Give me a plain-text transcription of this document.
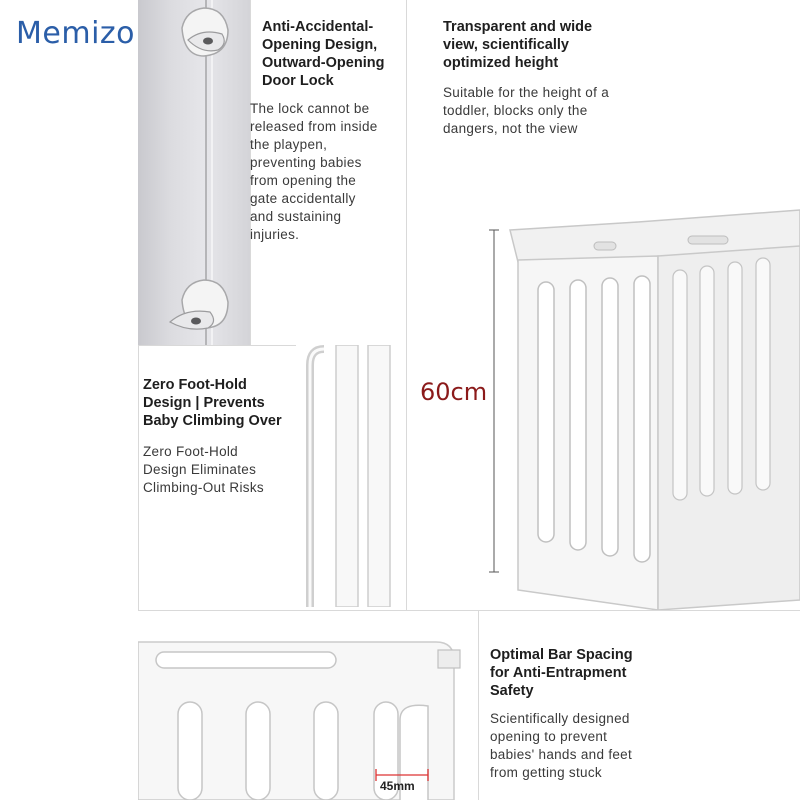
Memizo	Anti-Accidental-
Opening Design,
Outward-Opening
Door Lock
The lock cannot be
released from inside
the playpen,
preventing babies
from opening the
gate accidentally
and sustaining
injuries.
Transparent and wide
view, scientifically
optimized height
Suitable for the height of a
toddler, blocks only the
dangers, not the view
60cm
Zero Foot-Hold
Design | Prevents
Baby Climbing Over
Zero Foot-Hold
Design Eliminates
Climbing-Out Risks
45mm
Optimal Bar Spacing
for Anti-Entrapment
Safety
Scientifically designed
opening to prevent
babies' hands and feet
from getting stuck
